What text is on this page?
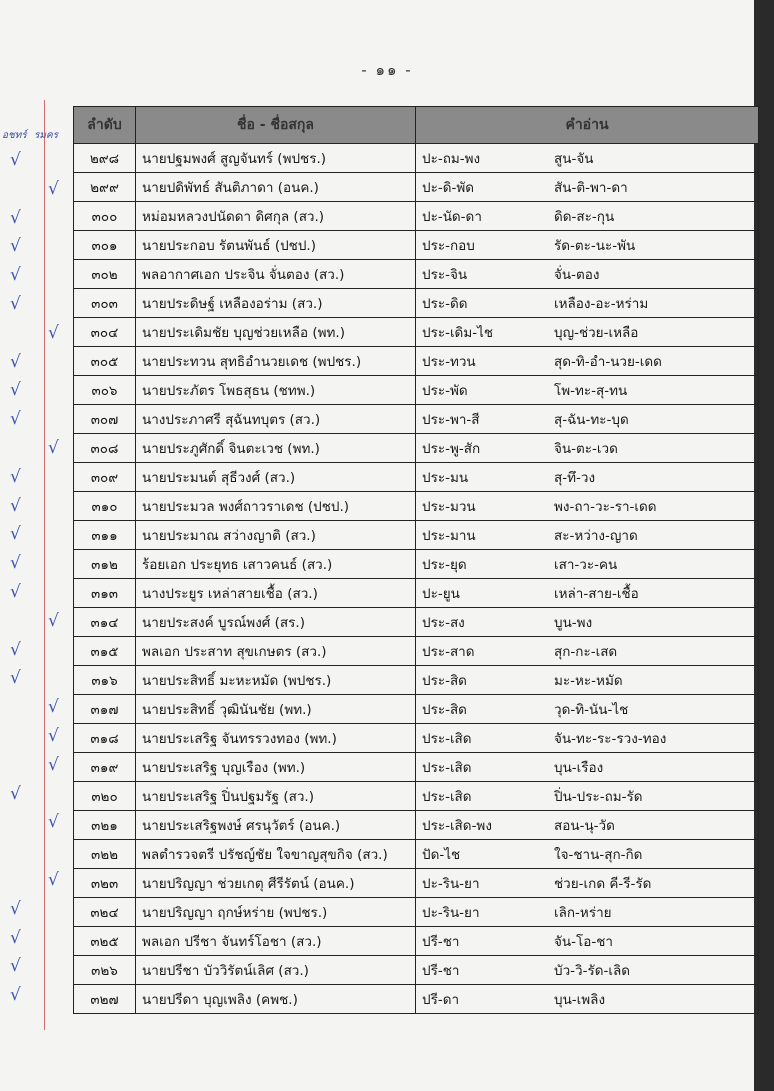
- ๑๑ -
อชทร์ รมคร
√
√
√
√
√
√
√
√
√
√
√
√
√
√
√
√
√
√
√
√
√
√
√
√
√
√
√
√
√
ลำดับ	ชื่อ - ชื่อสกุล	คำอ่าน
๒๙๘	นายปฐมพงศ์ สูญจันทร์ (พปชร.)	ปะ-ถม-พง สูน-จัน
๒๙๙	นายปดิพัทธ์ สันติภาดา (อนค.)	ปะ-ดิ-พัด สัน-ติ-พา-ดา
๓๐๐	หม่อมหลวงปนัดดา ดิศกุล (สว.)	ปะ-นัด-ดา ดิด-สะ-กุน
๓๐๑	นายประกอบ รัตนพันธ์ (ปชป.)	ประ-กอบ รัด-ตะ-นะ-พัน
๓๐๒	พลอากาศเอก ประจิน จั่นตอง (สว.)	ประ-จิน จั่น-ตอง
๓๐๓	นายประดิษฐ์ เหลืองอร่าม (สว.)	ประ-ดิด เหลือง-อะ-หร่าม
๓๐๔	นายประเดิมชัย บุญช่วยเหลือ (พท.)	ประ-เดิม-ไช บุญ-ช่วย-เหลือ
๓๐๕	นายประทวน สุทธิอำนวยเดช (พปชร.)	ประ-ทวน สุด-ทิ-อำ-นวย-เดด
๓๐๖	นายประภัตร โพธสุธน (ชทพ.)	ประ-พัด โพ-ทะ-สุ-ทน
๓๐๗	นางประภาศรี สุฉันทบุตร (สว.)	ประ-พา-สี สุ-ฉัน-ทะ-บุด
๓๐๘	นายประภูศักดิ์ จินตะเวช (พท.)	ประ-พู-สัก จิน-ตะ-เวด
๓๐๙	นายประมนต์ สุธีวงศ์ (สว.)	ประ-มน สุ-ทึ-วง
๓๑๐	นายประมวล พงศ์ถาวราเดช (ปชป.)	ประ-มวน พง-ถา-วะ-รา-เดด
๓๑๑	นายประมาณ สว่างญาติ (สว.)	ประ-มาน สะ-หว่าง-ญาด
๓๑๒	ร้อยเอก ประยุทธ เสาวคนธ์ (สว.)	ประ-ยุด เสา-วะ-คน
๓๑๓	นางประยูร เหล่าสายเชื้อ (สว.)	ปะ-ยูน เหล่า-สาย-เชื้อ
๓๑๔	นายประสงค์ บูรณ์พงศ์ (สร.)	ประ-สง บูน-พง
๓๑๕	พลเอก ประสาท สุขเกษตร (สว.)	ประ-สาด สุก-กะ-เสด
๓๑๖	นายประสิทธิ์ มะหะหมัด (พปชร.)	ประ-สิด มะ-หะ-หมัด
๓๑๗	นายประสิทธิ์ วุฒินันชัย (พท.)	ประ-สิด วุด-ทิ-นัน-ไช
๓๑๘	นายประเสริฐ จันทรรวงทอง (พท.)	ประ-เสิด จัน-ทะ-ระ-รวง-ทอง
๓๑๙	นายประเสริฐ บุญเรือง (พท.)	ประ-เสิด บุน-เรือง
๓๒๐	นายประเสริฐ ปิ่นปฐมรัฐ (สว.)	ประ-เสิด ปิ่น-ประ-ถม-รัด
๓๒๑	นายประเสริฐพงษ์ ศรนุวัตร์ (อนค.)	ประ-เสิด-พง สอน-นุ-วัด
๓๒๒	พลตำรวจตรี ปรัชญ์ชัย ใจขาญสุขกิจ (สว.)	ปัด-ไช ใจ-ชาน-สุก-กิด
๓๒๓	นายปริญญา ช่วยเกตุ ศีรีรัตน์ (อนค.)	ปะ-ริน-ยา ช่วย-เกด คี-รี-รัด
๓๒๔	นายปริญญา ฤกษ์หร่าย (พปชร.)	ปะ-ริน-ยา เลิก-หร่าย
๓๒๕	พลเอก ปรีชา จันทร์โอชา (สว.)	ปรี-ชา จัน-โอ-ชา
๓๒๖	นายปรีชา บัววิรัตน์เลิศ (สว.)	ปรี-ชา บัว-วิ-รัด-เลิด
๓๒๗	นายปรีดา บุญเพลิง (คพช.)	ปรี-ดา บุน-เพลิง
